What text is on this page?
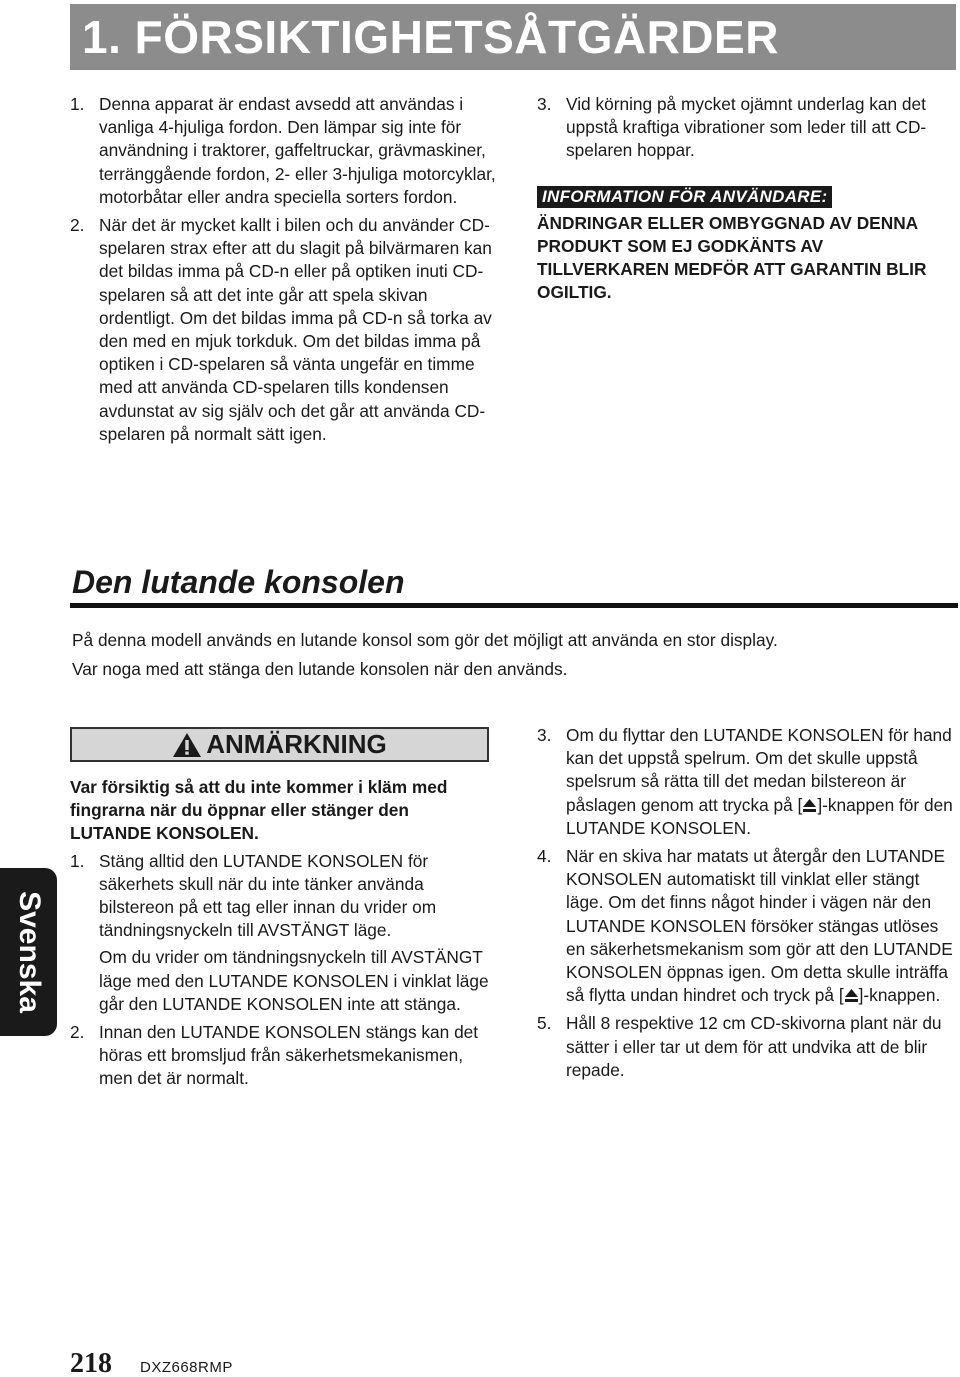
1. FÖRSIKTIGHETSÅTGÄRDER
1. Denna apparat är endast avsedd att användas i vanliga 4-hjuliga fordon. Den lämpar sig inte för användning i traktorer, gaffeltruckar, grävmaskiner, terränggående fordon, 2- eller 3-hjuliga motorcyklar, motorbåtar eller andra speciella sorters fordon.
2. När det är mycket kallt i bilen och du använder CD-spelaren strax efter att du slagit på bilvärmaren kan det bildas imma på CD-n eller på optiken inuti CD-spelaren så att det inte går att spela skivan ordentligt. Om det bildas imma på CD-n så torka av den med en mjuk torkduk. Om det bildas imma på optiken i CD-spelaren så vänta ungefär en timme med att använda CD-spelaren tills kondensen avdunstat av sig själv och det går att använda CD-spelaren på normalt sätt igen.
3. Vid körning på mycket ojämnt underlag kan det uppstå kraftiga vibrationer som leder till att CD-spelaren hoppar.
INFORMATION FÖR ANVÄNDARE:
ÄNDRINGAR ELLER OMBYGGNAD AV DENNA PRODUKT SOM EJ GODKÄNTS AV TILLVERKAREN MEDFÖR ATT GARANTIN BLIR OGILTIG.
Den lutande konsolen
På denna modell används en lutande konsol som gör det möjligt att använda en stor display.
Var noga med att stänga den lutande konsolen när den används.
ANMÄRKNING
Var försiktig så att du inte kommer i kläm med fingrarna när du öppnar eller stänger den LUTANDE KONSOLEN.
1. Stäng alltid den LUTANDE KONSOLEN för säkerhets skull när du inte tänker använda bilstereon på ett tag eller innan du vrider om tändningsnyckeln till AVSTÄNGT läge.
Om du vrider om tändningsnyckeln till AVSTÄNGT läge med den LUTANDE KONSOLEN i vinklat läge går den LUTANDE KONSOLEN inte att stänga.
2. Innan den LUTANDE KONSOLEN stängs kan det höras ett bromsljud från säkerhetsmekanismen, men det är normalt.
3. Om du flyttar den LUTANDE KONSOLEN för hand kan det uppstå spelrum. Om det skulle uppstå spelsrum så rätta till det medan bilstereon är påslagen genom att trycka på [ ]-knappen för den LUTANDE KONSOLEN.
4. När en skiva har matats ut återgår den LUTANDE KONSOLEN automatiskt till vinklat eller stängt läge. Om det finns något hinder i vägen när den LUTANDE KONSOLEN försöker stängas utlöses en säkerhetsmekanism som gör att den LUTANDE KONSOLEN öppnas igen. Om detta skulle inträffa så flytta undan hindret och tryck på [ ]-knappen.
5. Håll 8 respektive 12 cm CD-skivorna plant när du sätter i eller tar ut dem för att undvika att de blir repade.
Svenska
218 DXZ668RMP
